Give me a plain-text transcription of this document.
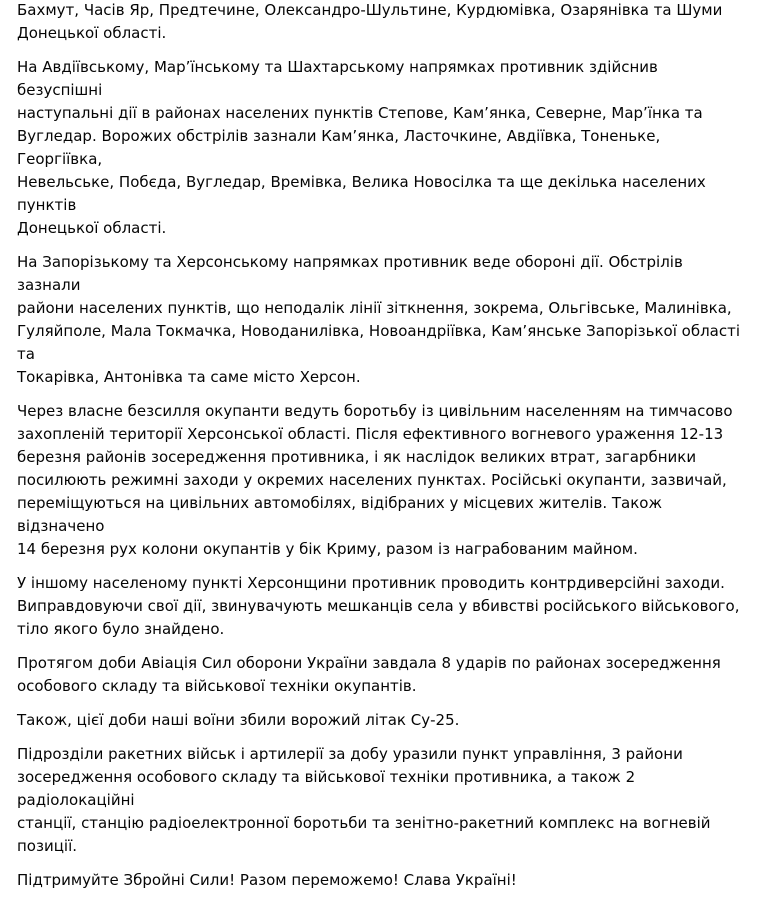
Бахмут, Часів Яр, Предтечине, Олександро-Шультине, Курдюмівка, Озарянівка та Шуми
Донецької області.

На Авдіївському, Мар’їнському та Шахтарському напрямках противник здійснив безуспішні
наступальні дії в районах населених пунктів Степове, Кам’янка, Северне, Мар’їнка та
Вугледар. Ворожих обстрілів зазнали Кам’янка, Ласточкине, Авдіївка, Тоненьке, Георгіївка,
Невельське, Побєда, Вугледар, Времівка, Велика Новосілка та ще декілька населених пунктів
Донецької області.

На Запорізькому та Херсонському напрямках противник веде обороні дії. Обстрілів зазнали
райони населених пунктів, що неподалік лінії зіткнення, зокрема, Ольгівське, Малинівка,
Гуляйполе, Мала Токмачка, Новоданилівка, Новоандріївка, Кам’янське Запорізької області та
Токарівка, Антонівка та саме місто Херсон.

Через власне безсилля окупанти ведуть боротьбу із цивільним населенням на тимчасово
захопленій території Херсонської області. Після ефективного вогневого ураження 12-13
березня районів зосередження противника, і як наслідок великих втрат, загарбники
посилюють режимні заходи у окремих населених пунктах. Російські окупанти, зазвичай,
переміщуються на цивільних автомобілях, відібраних у місцевих жителів. Також відзначено
14 березня рух колони окупантів у бік Криму, разом із награбованим майном.

У іншому населеному пункті Херсонщини противник проводить контрдиверсійні заходи.
Виправдовуючи свої дії, звинувачують мешканців села у вбивстві російського військового,
тіло якого було знайдено.

Протягом доби Авіація Сил оборони України завдала 8 ударів по районах зосередження
особового складу та військової техніки окупантів.

Також, цієї доби наші воїни збили ворожий літак Су-25.

Підрозділи ракетних військ і артилерії за добу уразили пункт управління, 3 райони
зосередження особового складу та військової техніки противника, а також 2 радіолокаційні
станції, станцію радіоелектронної боротьби та зенітно-ракетний комплекс на вогневій
позиції.

Підтримуйте Збройні Сили! Разом переможемо! Слава Україні!
